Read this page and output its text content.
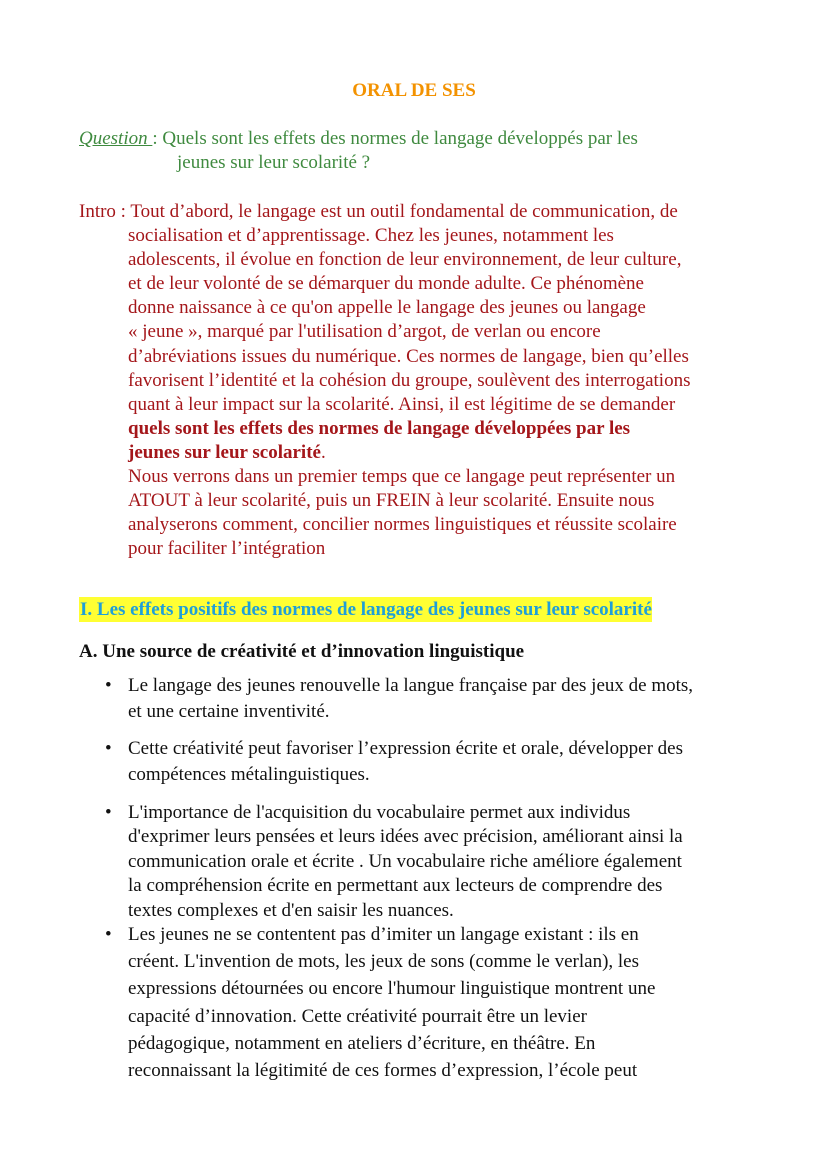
ORAL DE SES
Question : Quels sont les effets des normes de langage développés par les
jeunes sur leur scolarité ?
Intro : Tout d’abord, le langage est un outil fondamental de communication, de
socialisation et d’apprentissage. Chez les jeunes, notamment les
adolescents, il évolue en fonction de leur environnement, de leur culture,
et de leur volonté de se démarquer du monde adulte. Ce phénomène
donne naissance à ce qu'on appelle le langage des jeunes ou langage
« jeune », marqué par l'utilisation d’argot, de verlan ou encore
d’abréviations issues du numérique. Ces normes de langage, bien qu’elles
favorisent l’identité et la cohésion du groupe, soulèvent des interrogations
quant à leur impact sur la scolarité. Ainsi, il est légitime de se demander
quels sont les effets des normes de langage développées par les
jeunes sur leur scolarité.
Nous verrons dans un premier temps que ce langage peut représenter un
ATOUT à leur scolarité, puis un FREIN à leur scolarité. Ensuite nous
analyserons comment, concilier normes linguistiques et réussite scolaire
pour faciliter l’intégration
I. Les effets positifs des normes de langage des jeunes sur leur scolarité
A. Une source de créativité et d’innovation linguistique
• Le langage des jeunes renouvelle la langue française par des jeux de mots,
et une certaine inventivité.
• Cette créativité peut favoriser l’expression écrite et orale, développer des
compétences métalinguistiques.
• L'importance de l'acquisition du vocabulaire permet aux individus
d'exprimer leurs pensées et leurs idées avec précision, améliorant ainsi la
communication orale et écrite . Un vocabulaire riche améliore également
la compréhension écrite en permettant aux lecteurs de comprendre des
textes complexes et d'en saisir les nuances.
• Les jeunes ne se contentent pas d’imiter un langage existant : ils en
créent. L'invention de mots, les jeux de sons (comme le verlan), les
expressions détournées ou encore l'humour linguistique montrent une
capacité d’innovation. Cette créativité pourrait être un levier
pédagogique, notamment en ateliers d’écriture, en théâtre. En
reconnaissant la légitimité de ces formes d’expression, l’école peut
